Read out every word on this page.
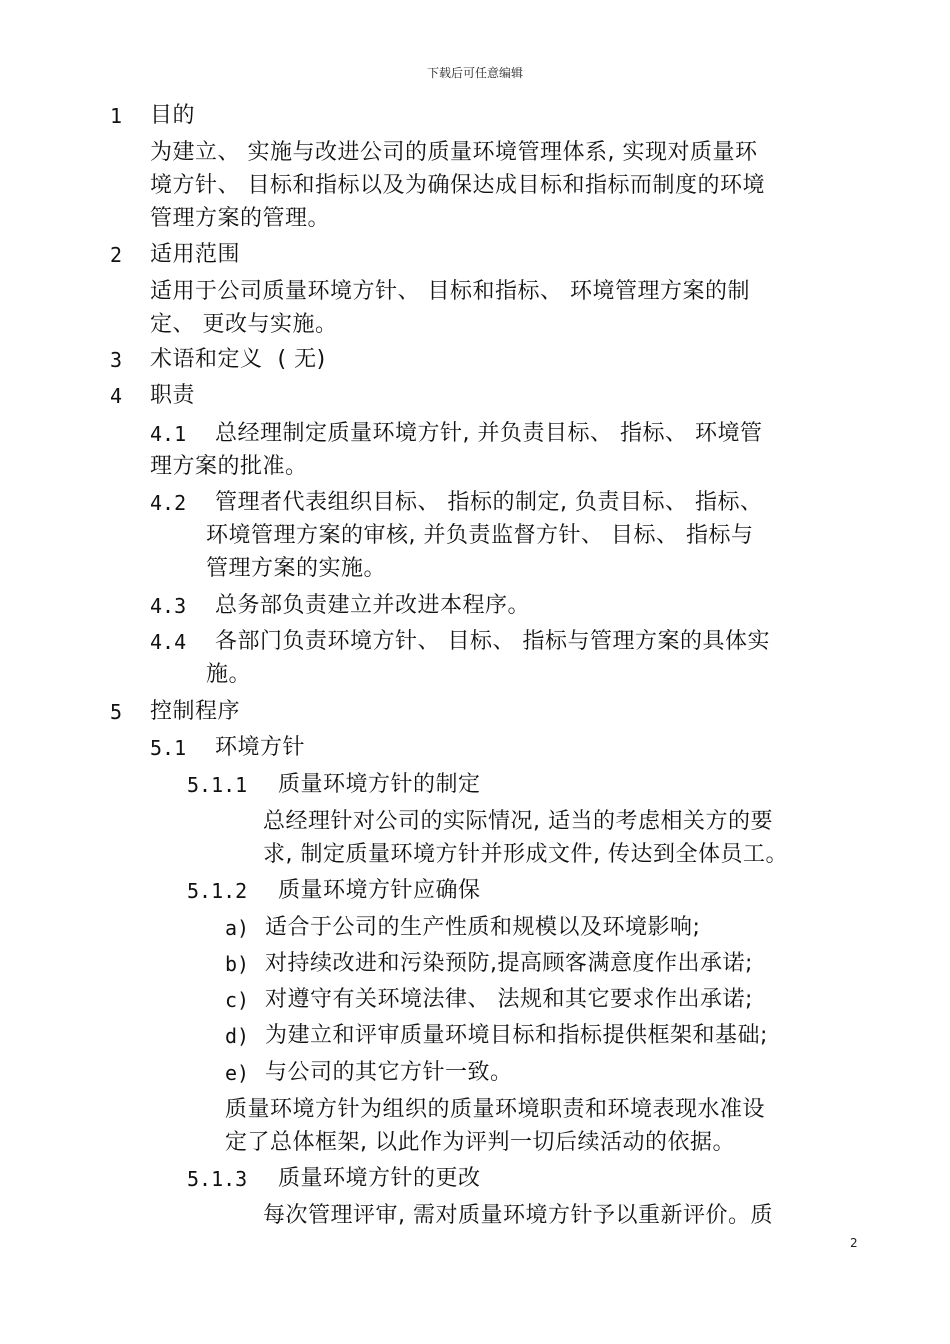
下载后可任意编辑
1 目的
为建立、 实施与改进公司的质量环境管理体系, 实现对质量环
境方针、 目标和指标以及为确保达成目标和指标而制度的环境
管理方案的管理。
2 适用范围
适用于公司质量环境方针、 目标和指标、 环境管理方案的制
定、 更改与实施。
3 术语和定义  ( 无)
4 职责
4.1 总经理制定质量环境方针, 并负责目标、 指标、 环境管
理方案的批准。
4.2 管理者代表组织目标、 指标的制定, 负责目标、 指标、
环境管理方案的审核, 并负责监督方针、 目标、 指标与
管理方案的实施。
4.3 总务部负责建立并改进本程序。
4.4 各部门负责环境方针、 目标、 指标与管理方案的具体实
施。
5 控制程序
5.1 环境方针
5.1.1 质量环境方针的制定
总经理针对公司的实际情况, 适当的考虑相关方的要
求, 制定质量环境方针并形成文件, 传达到全体员工。
5.1.2 质量环境方针应确保
a) 适合于公司的生产性质和规模以及环境影响;
b) 对持续改进和污染预防,提高顾客满意度作出承诺;
c) 对遵守有关环境法律、 法规和其它要求作出承诺;
d) 为建立和评审质量环境目标和指标提供框架和基础;
e) 与公司的其它方针一致。
质量环境方针为组织的质量环境职责和环境表现水准设
定了总体框架, 以此作为评判一切后续活动的依据。
5.1.3 质量环境方针的更改
每次管理评审, 需对质量环境方针予以重新评价。质
2
